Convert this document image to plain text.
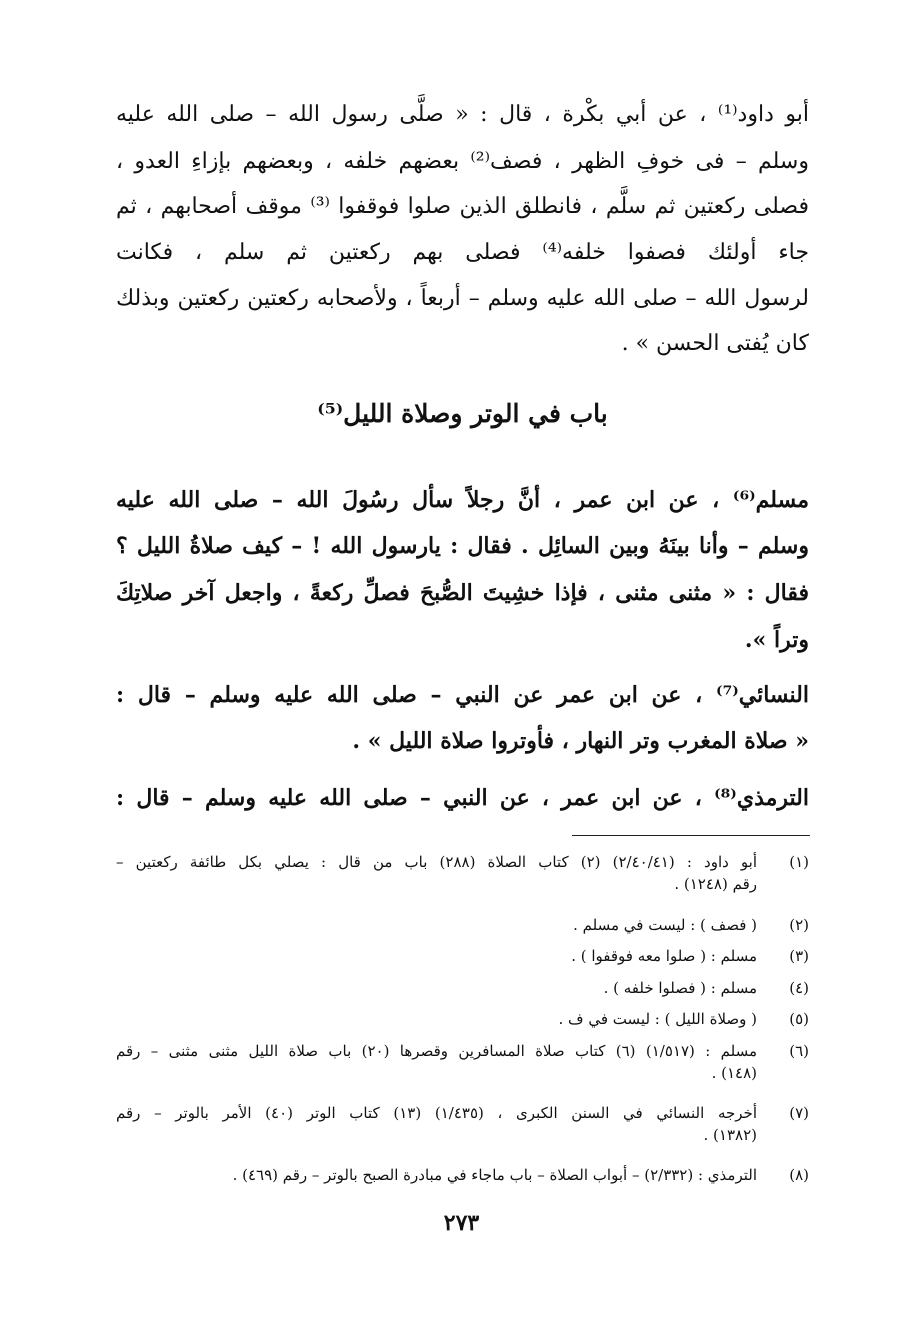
أبو داود⁽¹⁾ ، عن أبي بكْرة ، قال : « صلَّى رسول الله – صلى الله عليه
وسلم – فى خوفِ الظهر ، فصف⁽²⁾ بعضهم خلفه ، وبعضهم بإزاءِ العدو ،
فصلى ركعتين ثم سلَّم ، فانطلق الذين صلوا فوقفوا ⁽³⁾ موقف أصحابهم ، ثم
جاء أولئك فصفوا خلفه⁽⁴⁾ فصلى بهم ركعتين ثم سلم ، فكانت
لرسول الله – صلى الله عليه وسلم – أربعاً ، ولأصحابه ركعتين ركعتين وبذلك
كان يُفتى الحسن » .
باب في الوتر وصلاة الليل⁽⁵⁾
مسلم⁽⁶⁾ ، عن ابن عمر ، أنَّ رجلاً سأل رسُولَ الله – صلى الله عليه
وسلم – وأنا بينَهُ وبين السائِل . فقال : يارسول الله ! – كيف صلاةُ الليل ؟
فقال : « مثنى مثنى ، فإذا خشِيتَ الصُّبحَ فصلِّ ركعةً ، واجعل آخر صلاتِكَ
وتراً ».
النسائي⁽⁷⁾ ، عن ابن عمر عن النبي – صلى الله عليه وسلم – قال :
« صلاة المغرب وتر النهار ، فأوتروا صلاة الليل » .
الترمذي⁽⁸⁾ ، عن ابن عمر ، عن النبي – صلى الله عليه وسلم – قال :
(١)
أبو داود : (٢/٤٠/٤١) (٢) كتاب الصلاة (٢٨٨) باب من قال : يصلي بكل طائفة ركعتين –
رقم (١٢٤٨) .
(٢)
( فصف ) : ليست في مسلم .
(٣)
مسلم : ( صلوا معه فوقفوا ) .
(٤)
مسلم : ( فصلوا خلفه ) .
(٥)
( وصلاة الليل ) : ليست في ف .
(٦)
مسلم : (١/٥١٧) (٦) كتاب صلاة المسافرين وقصرها (٢٠) باب صلاة الليل مثنى مثنى – رقم
(١٤٨) .
(٧)
أخرجه النسائي في السنن الكبرى ، (١/٤٣٥) (١٣) كتاب الوتر (٤٠) الأمر بالوتر – رقم
(١٣٨٢) .
(٨)
الترمذي : (٢/٣٣٢) – أبواب الصلاة – باب ماجاء في مبادرة الصبح بالوتر – رقم (٤٦٩) .
٢٧٣
